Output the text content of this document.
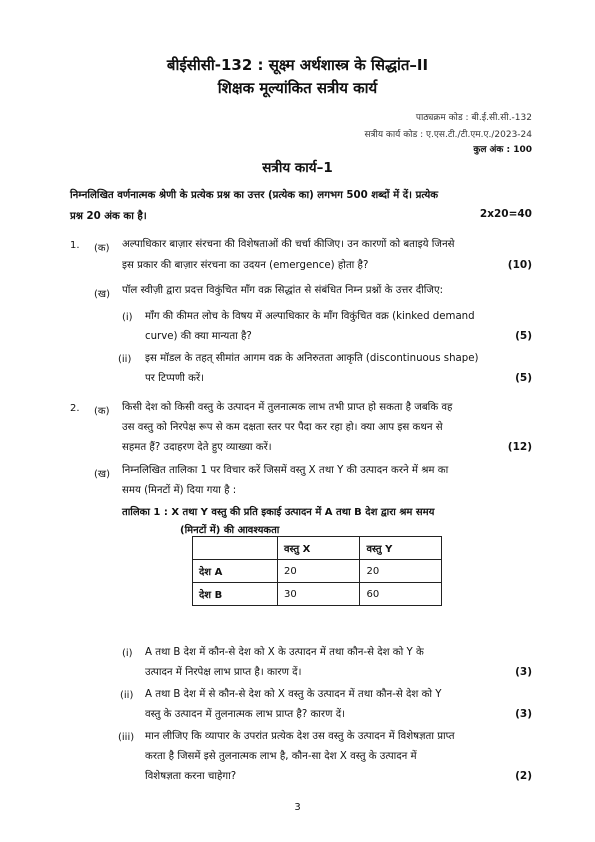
बीईसीसी-132 : सूक्ष्म अर्थशास्त्र के सिद्धांत–II
शिक्षक मूल्यांकित सत्रीय कार्य
पाठ्यक्रम कोड : बी.ई.सी.सी.-132
सत्रीय कार्य कोड : ए.एस.टी./टी.एम.ए./2023-24
कुल अंक : 100
सत्रीय कार्य–1
निम्नलिखित वर्णनात्मक श्रेणी के प्रत्येक प्रश्न का उत्तर (प्रत्येक का) लगभग 500 शब्दों में दें। प्रत्येक
प्रश्न 20 अंक का है।	2x20=40
1. (क) अल्पाधिकार बाज़ार संरचना की विशेषताओं की चर्चा कीजिए। उन कारणों को बताइये जिनसे
इस प्रकार की बाज़ार संरचना का उदयन (emergence) होता है?	(10)
(ख) पॉल स्वीज़ी द्वारा प्रदत्त विकुंचित माँग वक्र सिद्धांत से संबंधित निम्न प्रश्नों के उत्तर दीजिए:
(i) माँग की कीमत लोच के विषय में अल्पाधिकार के माँग विकुंचित वक्र (kinked demand
curve) की क्या मान्यता है?	(5)
(ii) इस मॉडल के तहत् सीमांत आगम वक्र के अनिरुतता आकृति (discontinuous shape)
पर टिप्पणी करें।	(5)
2. (क) किसी देश को किसी वस्तु के उत्पादन में तुलनात्मक लाभ तभी प्राप्त हो सकता है जबकि वह
उस वस्तु को निरपेक्ष रूप से कम दक्षता स्तर पर पैदा कर रहा हो। क्या आप इस कथन से
सहमत हैं? उदाहरण देते हुए व्याख्या करें।	(12)
(ख) निम्नलिखित तालिका 1 पर विचार करें जिसमें वस्तु X तथा Y की उत्पादन करने में श्रम का
समय (मिनटों में) दिया गया है :
तालिका 1 : X तथा Y वस्तु की प्रति इकाई उत्पादन में A तथा B देश द्वारा श्रम समय
(मिनटों में) की आवश्यकता
	वस्तु X	वस्तु Y
देश A	20	20
देश B	30	60
(i) A तथा B देश में कौन-से देश को X के उत्पादन में तथा कौन-से देश को Y के
उत्पादन में निरपेक्ष लाभ प्राप्त है। कारण दें।	(3)
(ii) A तथा B देश में से कौन-से देश को X वस्तु के उत्पादन में तथा कौन-से देश को Y
वस्तु के उत्पादन में तुलनात्मक लाभ प्राप्त है? कारण दें।	(3)
(iii) मान लीजिए कि व्यापार के उपरांत प्रत्येक देश उस वस्तु के उत्पादन में विशेषज्ञता प्राप्त
करता है जिसमें इसे तुलनात्मक लाभ है, कौन-सा देश X वस्तु के उत्पादन में
विशेषज्ञता करना चाहेगा?	(2)
3
